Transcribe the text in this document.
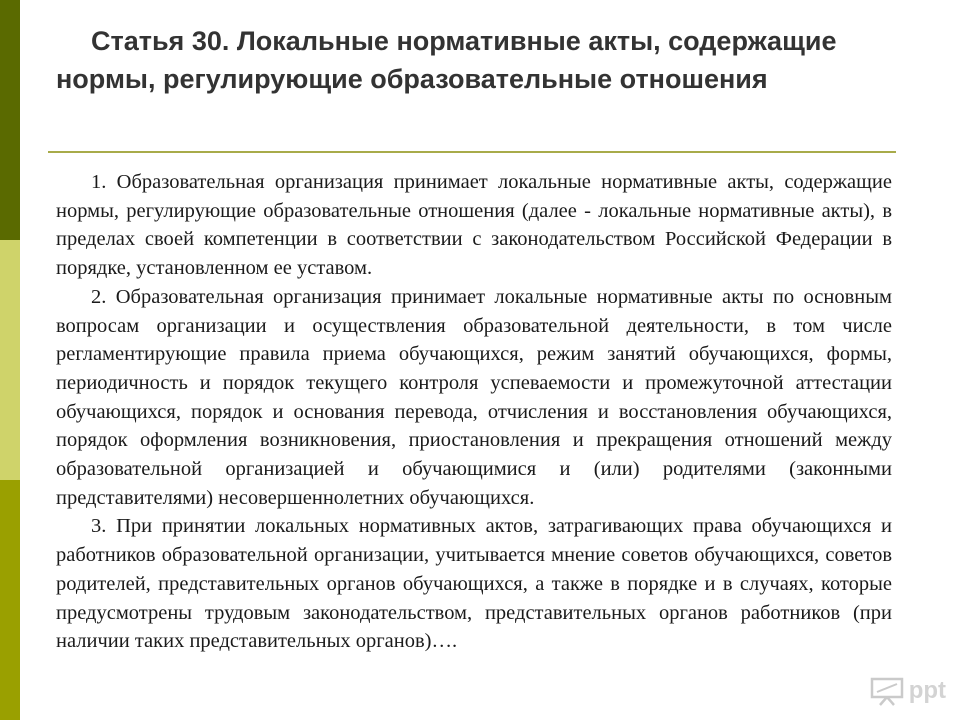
Статья 30. Локальные нормативные акты, содержащие нормы, регулирующие образовательные отношения

1. Образовательная организация принимает локальные нормативные акты, содержащие нормы, регулирующие образовательные отношения (далее - локальные нормативные акты), в пределах своей компетенции в соответствии с законодательством Российской Федерации в порядке, установленном ее уставом.

2. Образовательная организация принимает локальные нормативные акты по основным вопросам организации и осуществления образовательной деятельности, в том числе регламентирующие правила приема обучающихся, режим занятий обучающихся, формы, периодичность и порядок текущего контроля успеваемости и промежуточной аттестации обучающихся, порядок и основания перевода, отчисления и восстановления обучающихся, порядок оформления возникновения, приостановления и прекращения отношений между образовательной организацией и обучающимися и (или) родителями (законными представителями) несовершеннолетних обучающихся.

3. При принятии локальных нормативных актов, затрагивающих права обучающихся и работников образовательной организации, учитывается мнение советов обучающихся, советов родителей, представительных органов обучающихся, а также в порядке и в случаях, которые предусмотрены трудовым законодательством, представительных органов работников (при наличии таких представительных органов)….

ppt
